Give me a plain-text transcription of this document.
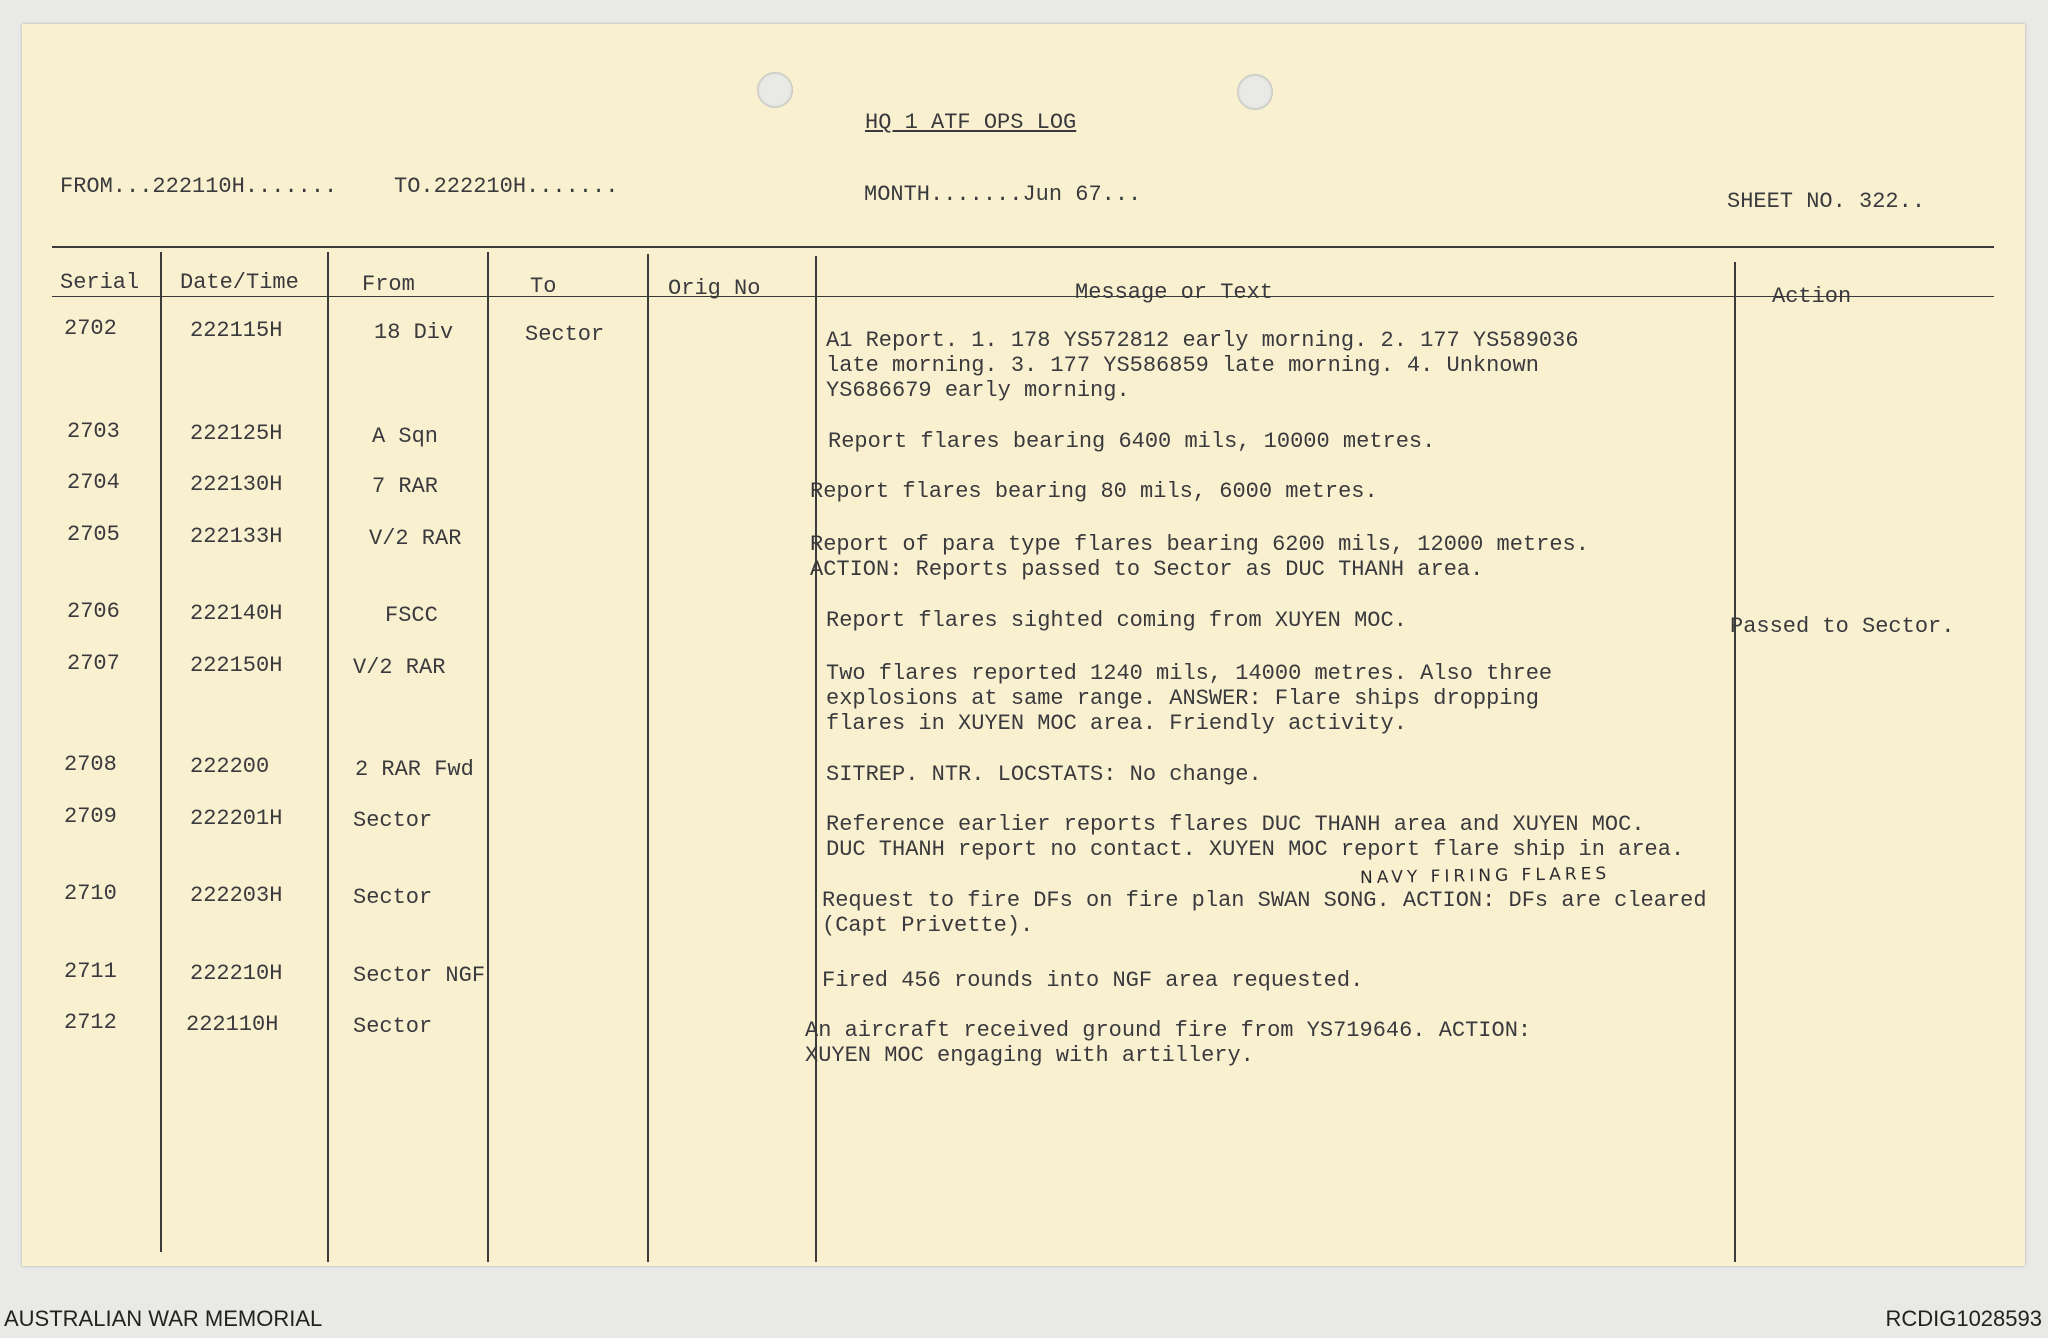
HQ 1 ATF OPS LOG
FROM...222110H.......	TO.222210H.......	MONTH.......Jun 67...	SHEET NO. 322..
Serial Date/Time	From	To	Orig No	Message or Text	Action
2702	222115H	18 Div	Sector	A1 Report. 1. 178 YS572812 early morning. 2. 177 YS589036
late morning. 3. 177 YS586859 late morning. 4. Unknown
YS686679 early morning.
2703	222125H	A Sqn	Report flares bearing 6400 mils, 10000 metres.
2704	222130H	7 RAR	Report flares bearing 80 mils, 6000 metres.
2705	222133H	V/2 RAR	Report of para type flares bearing 6200 mils, 12000 metres.
ACTION: Reports passed to Sector as DUC THANH area.
2706	222140H	FSCC	Report flares sighted coming from XUYEN MOC.	Passed to Sector.
2707	222150H	V/2 RAR	Two flares reported 1240 mils, 14000 metres. Also three
explosions at same range. ANSWER: Flare ships dropping
flares in XUYEN MOC area. Friendly activity.
2708	222200	2 RAR Fwd	SITREP. NTR. LOCSTATS: No change.
2709	222201H	Sector	Reference earlier reports flares DUC THANH area and XUYEN MOC.
DUC THANH report no contact. XUYEN MOC report flare ship in area.
NAVY FIRING FLARES
2710	222203H	Sector	Request to fire DFs on fire plan SWAN SONG. ACTION: DFs are cleared
(Capt Privette).
2711	222210H	Sector NGF	Fired 456 rounds into NGF area requested.
2712	222110H	Sector	An aircraft received ground fire from YS719646. ACTION:
XUYEN MOC engaging with artillery.
AUSTRALIAN WAR MEMORIAL	RCDIG1028593
